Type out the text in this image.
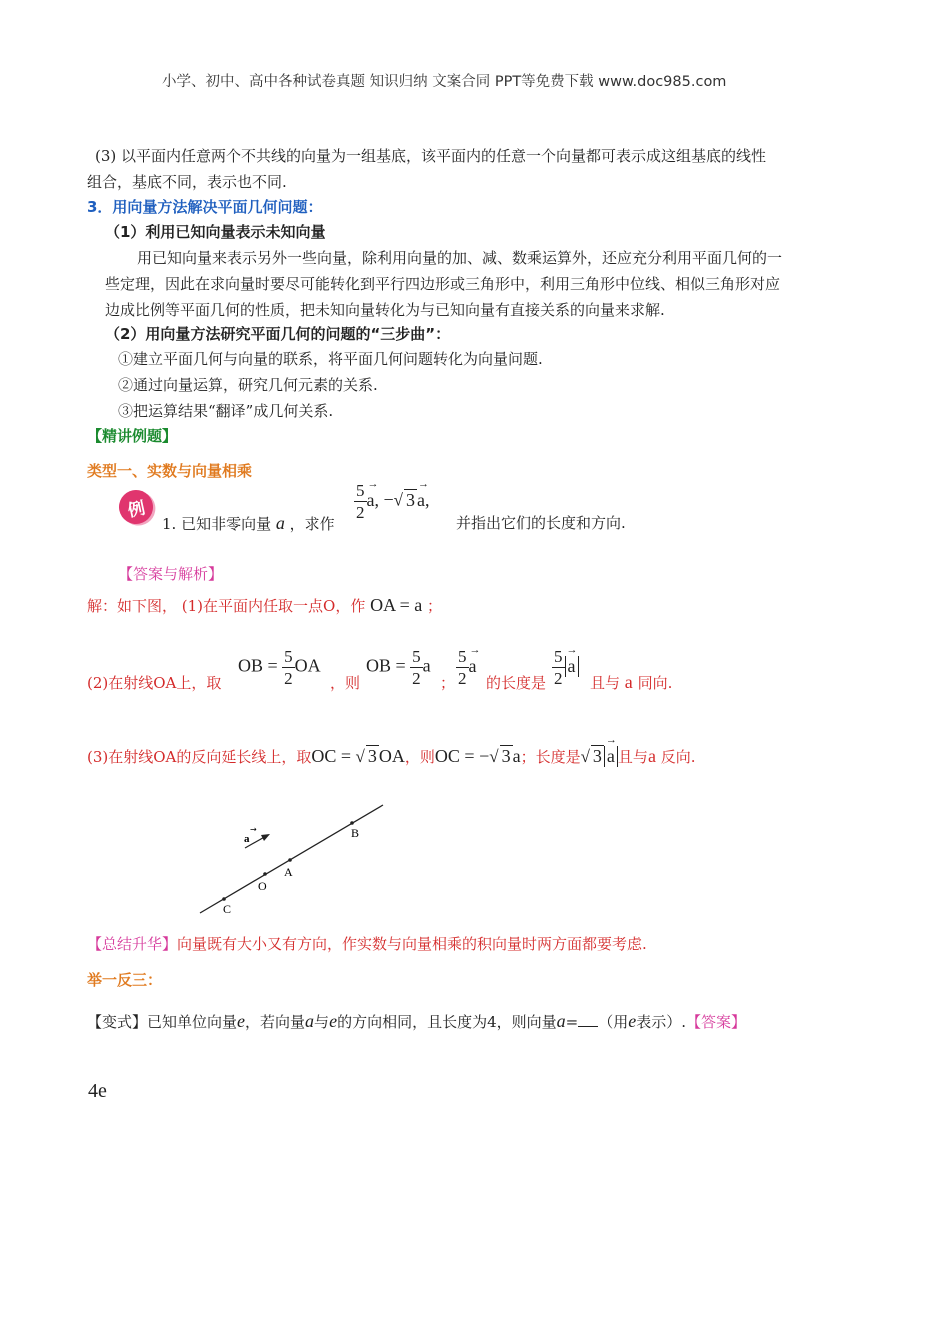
小学、初中、高中各种试卷真题 知识归纳 文案合同 PPT等免费下载 www.doc985.com
(3) 以平面内任意两个不共线的向量为一组基底，该平面内的任意一个向量都可表示成这组基底的线性
组合，基底不同，表示也不同.
3．用向量方法解决平面几何问题：
（1）利用已知向量表示未知向量
用已知向量来表示另外一些向量，除利用向量的加、减、数乘运算外，还应充分利用平面几何的一
些定理，因此在求向量时要尽可能转化到平行四边形或三角形中，利用三角形中位线、相似三角形对应
边成比例等平面几何的性质，把未知向量转化为与已知向量有直接关系的向量来求解.
（2）用向量方法研究平面几何的问题的“三步曲”：
①建立平面几何与向量的联系，将平面几何问题转化为向量问题.
②通过向量运算，研究几何元素的关系.
③把运算结果“翻译”成几何关系.
【精讲例题】
类型一、实数与向量相乘
例
1. 已知非零向量 a ，求作
$\frac{5}{2}$
→ a, −√ 3→ a,
并指出它们的长度和方向.
【答案与解析】
解：如下图， (1)在平面内任取一点O，作 OA = a ；
(2)在射线OA上，取
OB = $\frac{5}{2}$ OA
，则
OB = $\frac{5}{2}$ a
； $\frac{5}{2}$
→ a
的长度是 $\frac{5}{2}$
→ a
且与 a 同向.
(3)在射线OA的反向延长线上，取OC = √ 3 OA，则OC = −√ 3 a；长度是√ 3→ a 且与a 反向.
a
→	B
A
O
C
【总结升华】向量既有大小又有方向，作实数与向量相乘的积向量时两方面都要考虑.
举一反三：
【变式】已知单位向量e，若向量a与e的方向相同，且长度为4，则向量a= （用e表示）.【答案】
4e
